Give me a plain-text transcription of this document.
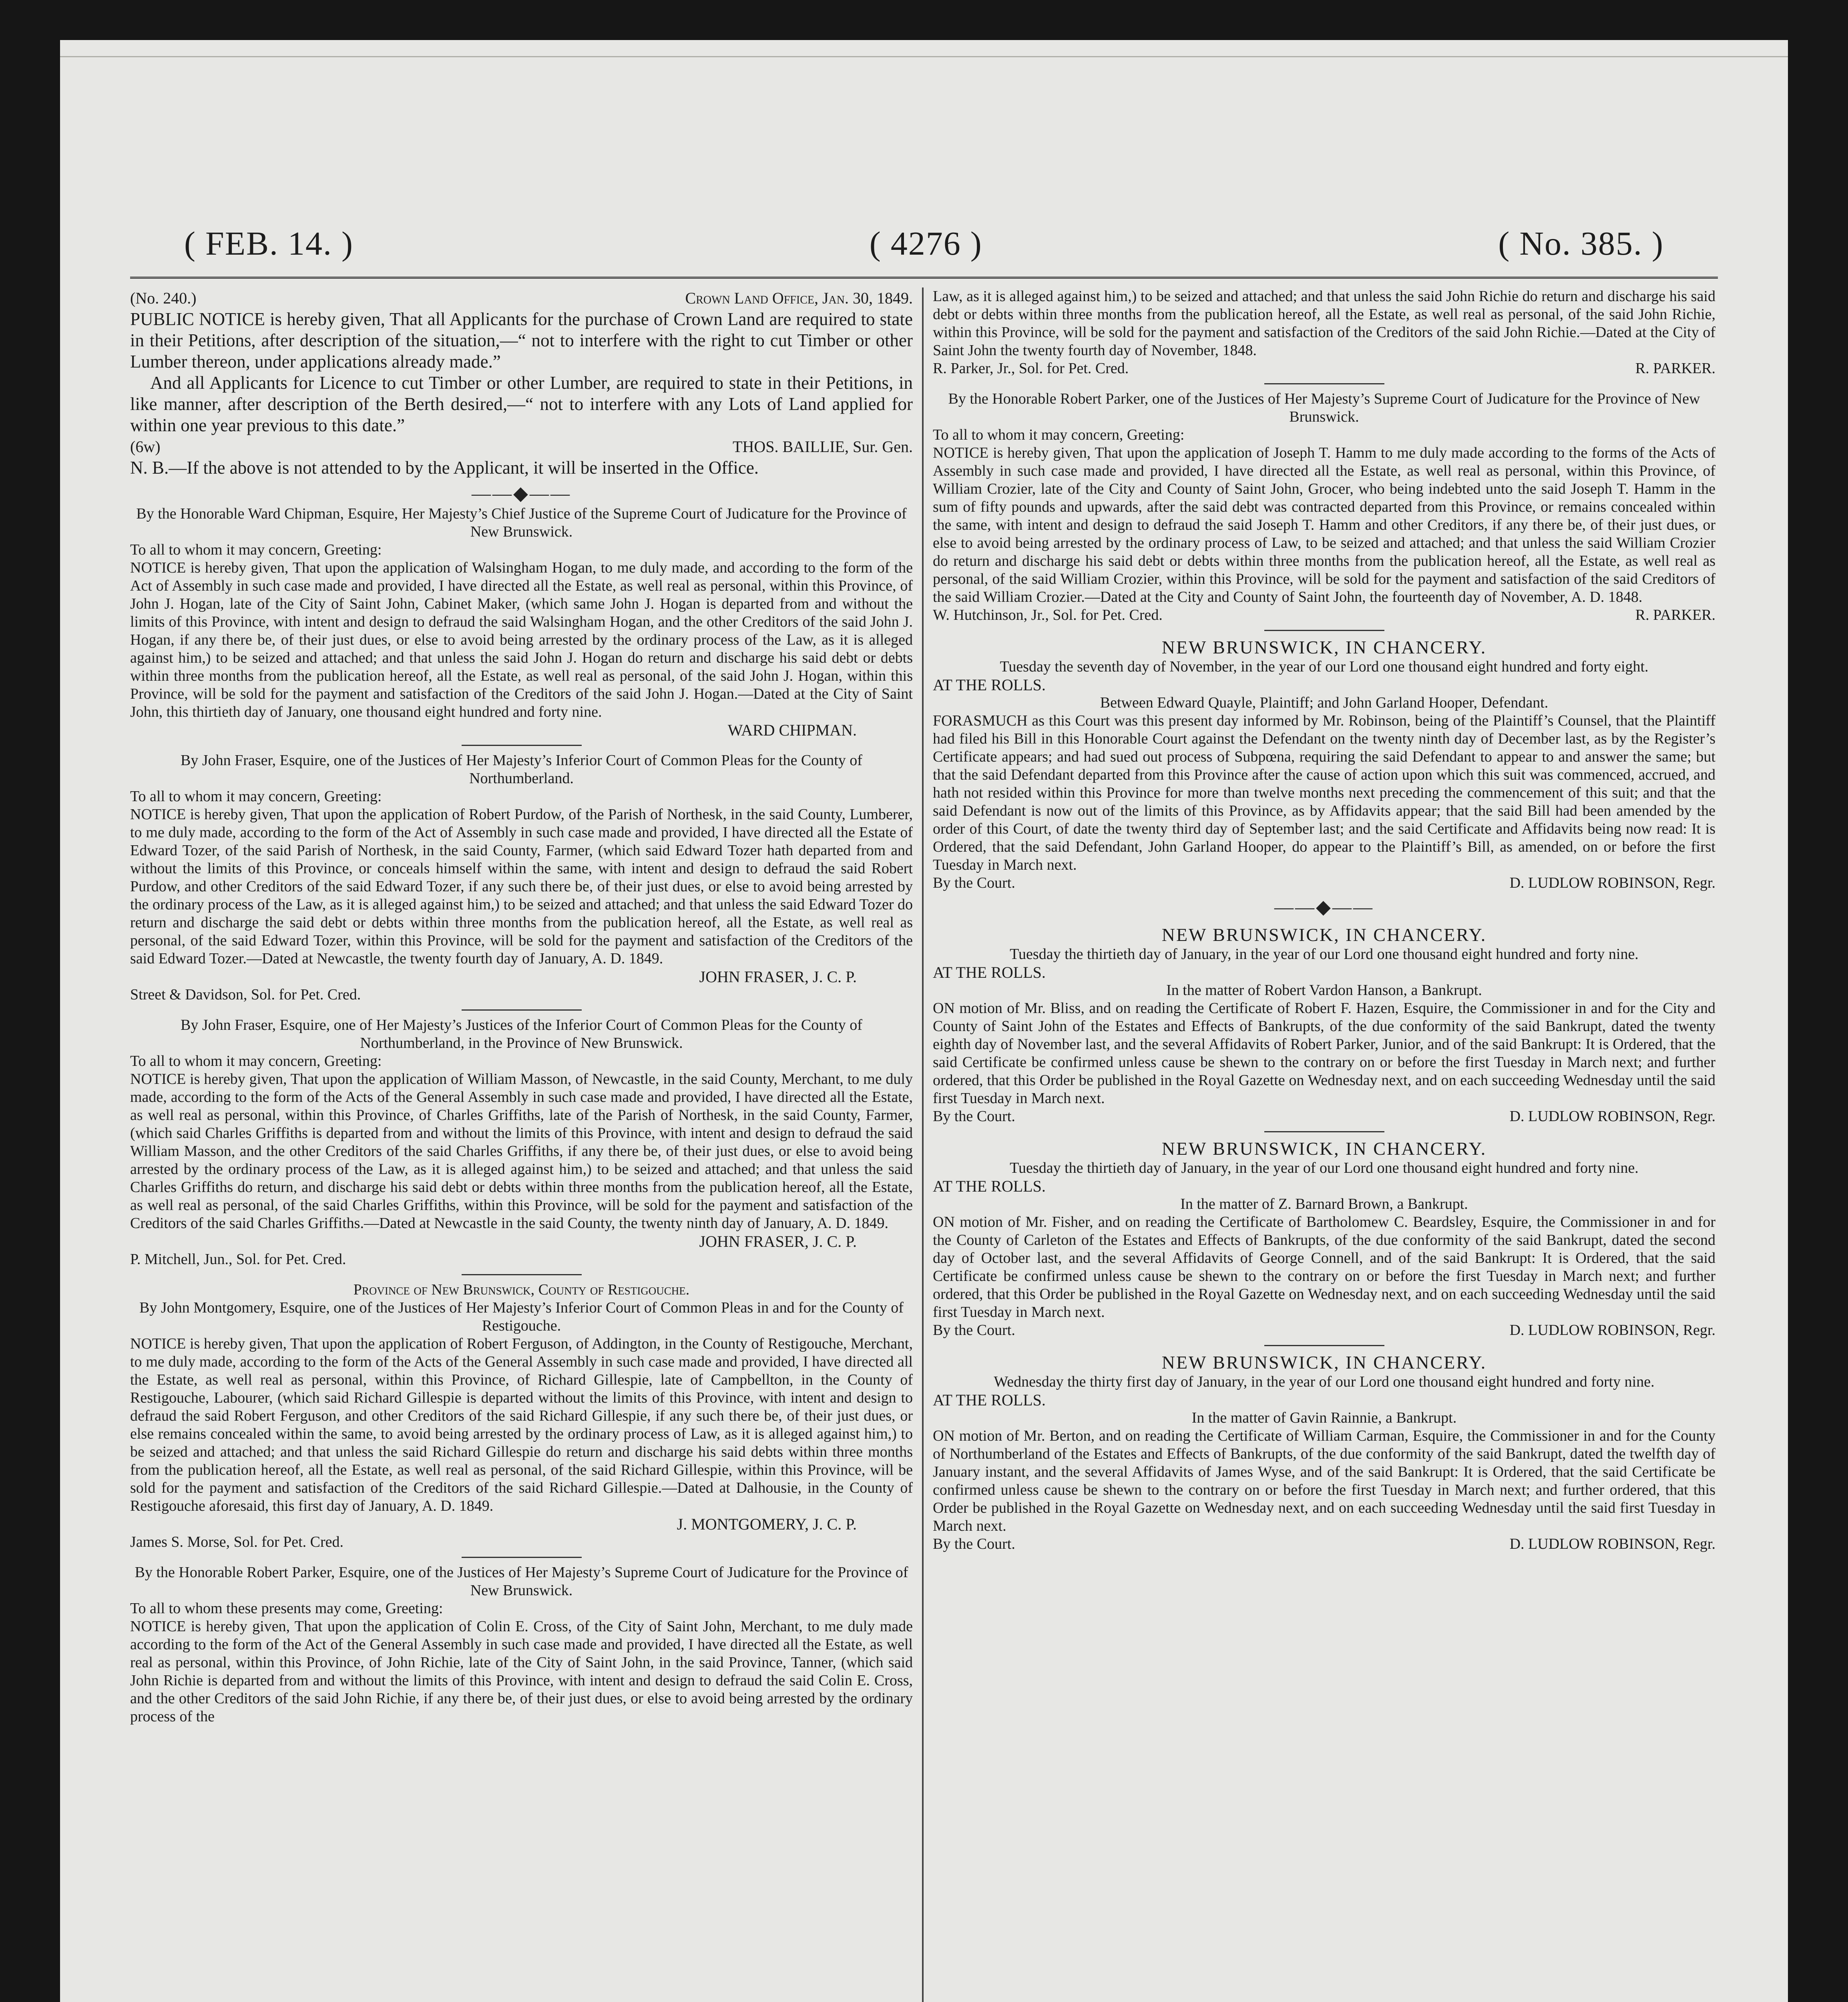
( FEB. 14. )	( 4276 )	( No. 385. )
(No. 240.)	Crown Land Office, Jan. 30, 1849.

PUBLIC NOTICE is hereby given, That all Applicants for the purchase of Crown Land are required to state in their Petitions, after description of the situation,—“ not to interfere with the right to cut Timber or other Lumber thereon, under applications already made.”

And all Applicants for Licence to cut Timber or other Lumber, are required to state in their Petitions, in like manner, after description of the Berth desired,—“ not to interfere with any Lots of Land applied for within one year previous to this date.”

(6w)	THOS. BAILLIE, Sur. Gen.

N. B.—If the above is not attended to by the Applicant, it will be inserted in the Office.

——◆——

By the Honorable Ward Chipman, Esquire, Her Majesty’s Chief Justice of the Supreme Court of Judicature for the Province of New Brunswick.

To all to whom it may concern, Greeting:

NOTICE is hereby given, That upon the application of Walsingham Hogan, to me duly made, and according to the form of the Act of Assembly in such case made and provided, I have directed all the Estate, as well real as personal, within this Province, of John J. Hogan, late of the City of Saint John, Cabinet Maker, (which same John J. Hogan is departed from and without the limits of this Province, with intent and design to defraud the said Walsingham Hogan, and the other Creditors of the said John J. Hogan, if any there be, of their just dues, or else to avoid being arrested by the ordinary process of the Law, as it is alleged against him,) to be seized and attached; and that unless the said John J. Hogan do return and discharge his said debt or debts within three months from the publication hereof, all the Estate, as well real as personal, of the said John J. Hogan, within this Province, will be sold for the payment and satisfaction of the Creditors of the said John J. Hogan.—Dated at the City of Saint John, this thirtieth day of January, one thousand eight hundred and forty nine.

WARD CHIPMAN.

By John Fraser, Esquire, one of the Justices of Her Majesty’s Inferior Court of Common Pleas for the County of Northumberland.

To all to whom it may concern, Greeting:

NOTICE is hereby given, That upon the application of Robert Purdow, of the Parish of Northesk, in the said County, Lumberer, to me duly made, according to the form of the Act of Assembly in such case made and provided, I have directed all the Estate of Edward Tozer, of the said Parish of Northesk, in the said County, Farmer, (which said Edward Tozer hath departed from and without the limits of this Province, or conceals himself within the same, with intent and design to defraud the said Robert Purdow, and other Creditors of the said Edward Tozer, if any such there be, of their just dues, or else to avoid being arrested by the ordinary process of the Law, as it is alleged against him,) to be seized and attached; and that unless the said Edward Tozer do return and discharge the said debt or debts within three months from the publication hereof, all the Estate, as well real as personal, of the said Edward Tozer, within this Province, will be sold for the payment and satisfaction of the Creditors of the said Edward Tozer.—Dated at Newcastle, the twenty fourth day of January, A. D. 1849.

JOHN FRASER, J. C. P.

Street & Davidson, Sol. for Pet. Cred.

By John Fraser, Esquire, one of Her Majesty’s Justices of the Inferior Court of Common Pleas for the County of Northumberland, in the Province of New Brunswick.

To all to whom it may concern, Greeting:

NOTICE is hereby given, That upon the application of William Masson, of Newcastle, in the said County, Merchant, to me duly made, according to the form of the Acts of the General Assembly in such case made and provided, I have directed all the Estate, as well real as personal, within this Province, of Charles Griffiths, late of the Parish of Northesk, in the said County, Farmer, (which said Charles Griffiths is departed from and without the limits of this Province, with intent and design to defraud the said William Masson, and the other Creditors of the said Charles Griffiths, if any there be, of their just dues, or else to avoid being arrested by the ordinary process of the Law, as it is alleged against him,) to be seized and attached; and that unless the said Charles Griffiths do return, and discharge his said debt or debts within three months from the publication hereof, all the Estate, as well real as personal, of the said Charles Griffiths, within this Province, will be sold for the payment and satisfaction of the Creditors of the said Charles Griffiths.—Dated at Newcastle in the said County, the twenty ninth day of January, A. D. 1849.

JOHN FRASER, J. C. P.

P. Mitchell, Jun., Sol. for Pet. Cred.

Province of New Brunswick, County of Restigouche.

By John Montgomery, Esquire, one of the Justices of Her Majesty’s Inferior Court of Common Pleas in and for the County of Restigouche.

NOTICE is hereby given, That upon the application of Robert Ferguson, of Addington, in the County of Restigouche, Merchant, to me duly made, according to the form of the Acts of the General Assembly in such case made and provided, I have directed all the Estate, as well real as personal, within this Province, of Richard Gillespie, late of Campbellton, in the County of Restigouche, Labourer, (which said Richard Gillespie is departed without the limits of this Province, with intent and design to defraud the said Robert Ferguson, and other Creditors of the said Richard Gillespie, if any such there be, of their just dues, or else remains concealed within the same, to avoid being arrested by the ordinary process of Law, as it is alleged against him,) to be seized and attached; and that unless the said Richard Gillespie do return and discharge his said debts within three months from the publication hereof, all the Estate, as well real as personal, of the said Richard Gillespie, within this Province, will be sold for the payment and satisfaction of the Creditors of the said Richard Gillespie.—Dated at Dalhousie, in the County of Restigouche aforesaid, this first day of January, A. D. 1849.

J. MONTGOMERY, J. C. P.

James S. Morse, Sol. for Pet. Cred.

By the Honorable Robert Parker, Esquire, one of the Justices of Her Majesty’s Supreme Court of Judicature for the Province of New Brunswick.

To all to whom these presents may come, Greeting:

NOTICE is hereby given, That upon the application of Colin E. Cross, of the City of Saint John, Merchant, to me duly made according to the form of the Act of the General Assembly in such case made and provided, I have directed all the Estate, as well real as personal, within this Province, of John Richie, late of the City of Saint John, in the said Province, Tanner, (which said John Richie is departed from and without the limits of this Province, with intent and design to defraud the said Colin E. Cross, and the other Creditors of the said John Richie, if any there be, of their just dues, or else to avoid being arrested by the ordinary process of the

Law, as it is alleged against him,) to be seized and attached; and that unless the said John Richie do return and discharge his said debt or debts within three months from the publication hereof, all the Estate, as well real as personal, of the said John Richie, within this Province, will be sold for the payment and satisfaction of the Creditors of the said John Richie.—Dated at the City of Saint John the twenty fourth day of November, 1848.

R. Parker, Jr., Sol. for Pet. Cred.	R. PARKER.

By the Honorable Robert Parker, one of the Justices of Her Majesty’s Supreme Court of Judicature for the Province of New Brunswick.

To all to whom it may concern, Greeting:

NOTICE is hereby given, That upon the application of Joseph T. Hamm to me duly made according to the forms of the Acts of Assembly in such case made and provided, I have directed all the Estate, as well real as personal, within this Province, of William Crozier, late of the City and County of Saint John, Grocer, who being indebted unto the said Joseph T. Hamm in the sum of fifty pounds and upwards, after the said debt was contracted departed from this Province, or remains concealed within the same, with intent and design to defraud the said Joseph T. Hamm and other Creditors, if any there be, of their just dues, or else to avoid being arrested by the ordinary process of Law, to be seized and attached; and that unless the said William Crozier do return and discharge his said debt or debts within three months from the publication hereof, all the Estate, as well real as personal, of the said William Crozier, within this Province, will be sold for the payment and satisfaction of the said Creditors of the said William Crozier.—Dated at the City and County of Saint John, the fourteenth day of November, A. D. 1848.

W. Hutchinson, Jr., Sol. for Pet. Cred.	R. PARKER.
NEW BRUNSWICK, IN CHANCERY.

Tuesday the seventh day of November, in the year of our Lord one thousand eight hundred and forty eight.

AT THE ROLLS.

Between Edward Quayle, Plaintiff; and John Garland Hooper, Defendant.

FORASMUCH as this Court was this present day informed by Mr. Robinson, being of the Plaintiff’s Counsel, that the Plaintiff had filed his Bill in this Honorable Court against the Defendant on the twenty ninth day of December last, as by the Register’s Certificate appears; and had sued out process of Subpœna, requiring the said Defendant to appear to and answer the same; but that the said Defendant departed from this Province after the cause of action upon which this suit was commenced, accrued, and hath not resided within this Province for more than twelve months next preceding the commencement of this suit; and that the said Defendant is now out of the limits of this Province, as by Affidavits appear; that the said Bill had been amended by the order of this Court, of date the twenty third day of September last; and the said Certificate and Affidavits being now read: It is Ordered, that the said Defendant, John Garland Hooper, do appear to the Plaintiff’s Bill, as amended, on or before the first Tuesday in March next.

By the Court.	D. LUDLOW ROBINSON, Regr.
——◆——
NEW BRUNSWICK, IN CHANCERY.

Tuesday the thirtieth day of January, in the year of our Lord one thousand eight hundred and forty nine.

AT THE ROLLS.

In the matter of Robert Vardon Hanson, a Bankrupt.

ON motion of Mr. Bliss, and on reading the Certificate of Robert F. Hazen, Esquire, the Commissioner in and for the City and County of Saint John of the Estates and Effects of Bankrupts, of the due conformity of the said Bankrupt, dated the twenty eighth day of November last, and the several Affidavits of Robert Parker, Junior, and of the said Bankrupt: It is Ordered, that the said Certificate be confirmed unless cause be shewn to the contrary on or before the first Tuesday in March next; and further ordered, that this Order be published in the Royal Gazette on Wednesday next, and on each succeeding Wednesday until the said first Tuesday in March next.

By the Court.	D. LUDLOW ROBINSON, Regr.
NEW BRUNSWICK, IN CHANCERY.

Tuesday the thirtieth day of January, in the year of our Lord one thousand eight hundred and forty nine.

AT THE ROLLS.

In the matter of Z. Barnard Brown, a Bankrupt.

ON motion of Mr. Fisher, and on reading the Certificate of Bartholomew C. Beardsley, Esquire, the Commissioner in and for the County of Carleton of the Estates and Effects of Bankrupts, of the due conformity of the said Bankrupt, dated the second day of October last, and the several Affidavits of George Connell, and of the said Bankrupt: It is Ordered, that the said Certificate be confirmed unless cause be shewn to the contrary on or before the first Tuesday in March next; and further ordered, that this Order be published in the Royal Gazette on Wednesday next, and on each succeeding Wednesday until the said first Tuesday in March next.

By the Court.	D. LUDLOW ROBINSON, Regr.
NEW BRUNSWICK, IN CHANCERY.

Wednesday the thirty first day of January, in the year of our Lord one thousand eight hundred and forty nine.

AT THE ROLLS.

In the matter of Gavin Rainnie, a Bankrupt.

ON motion of Mr. Berton, and on reading the Certificate of William Carman, Esquire, the Commissioner in and for the County of Northumberland of the Estates and Effects of Bankrupts, of the due conformity of the said Bankrupt, dated the twelfth day of January instant, and the several Affidavits of James Wyse, and of the said Bankrupt: It is Ordered, that the said Certificate be confirmed unless cause be shewn to the contrary on or before the first Tuesday in March next; and further ordered, that this Order be published in the Royal Gazette on Wednesday next, and on each succeeding Wednesday until the said first Tuesday in March next.

By the Court.	D. LUDLOW ROBINSON, Regr.
